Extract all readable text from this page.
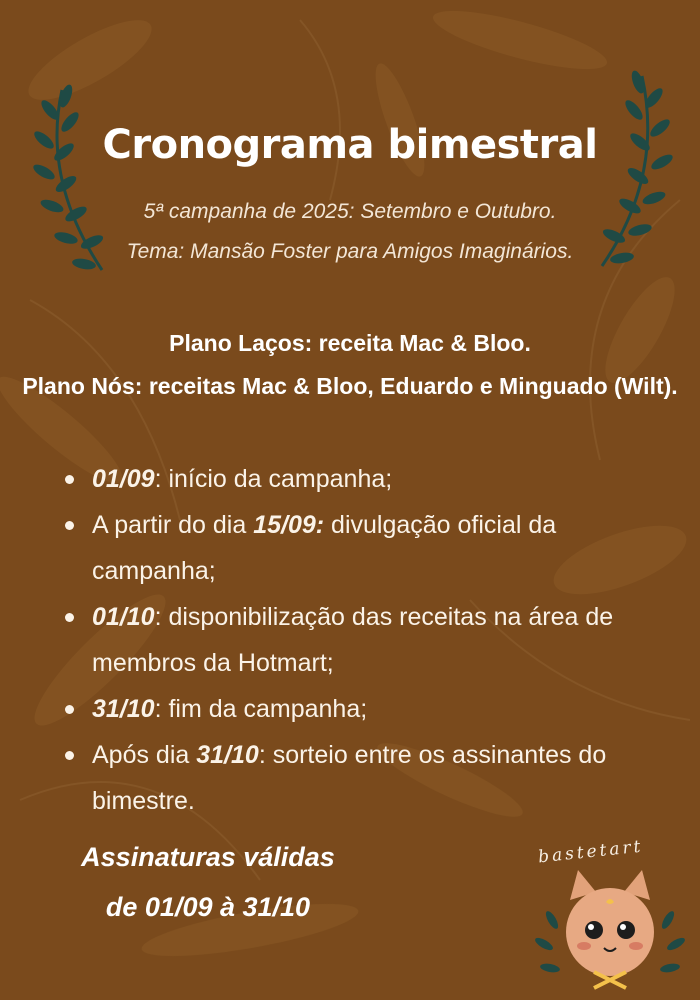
Cronograma bimestral
5ª campanha de 2025: Setembro e Outubro.
Tema: Mansão Foster para Amigos Imaginários.
Plano Laços: receita Mac & Bloo.
Plano Nós: receitas Mac & Bloo, Eduardo e Minguado (Wilt).
01/09: início da campanha;
A partir do dia 15/09: divulgação oficial da campanha;
01/10: disponibilização das receitas na área de membros da Hotmart;
31/10: fim da campanha;
Após dia 31/10: sorteio entre os assinantes do bimestre.
Assinaturas válidas
de 01/09 à 31/10
bastetart
